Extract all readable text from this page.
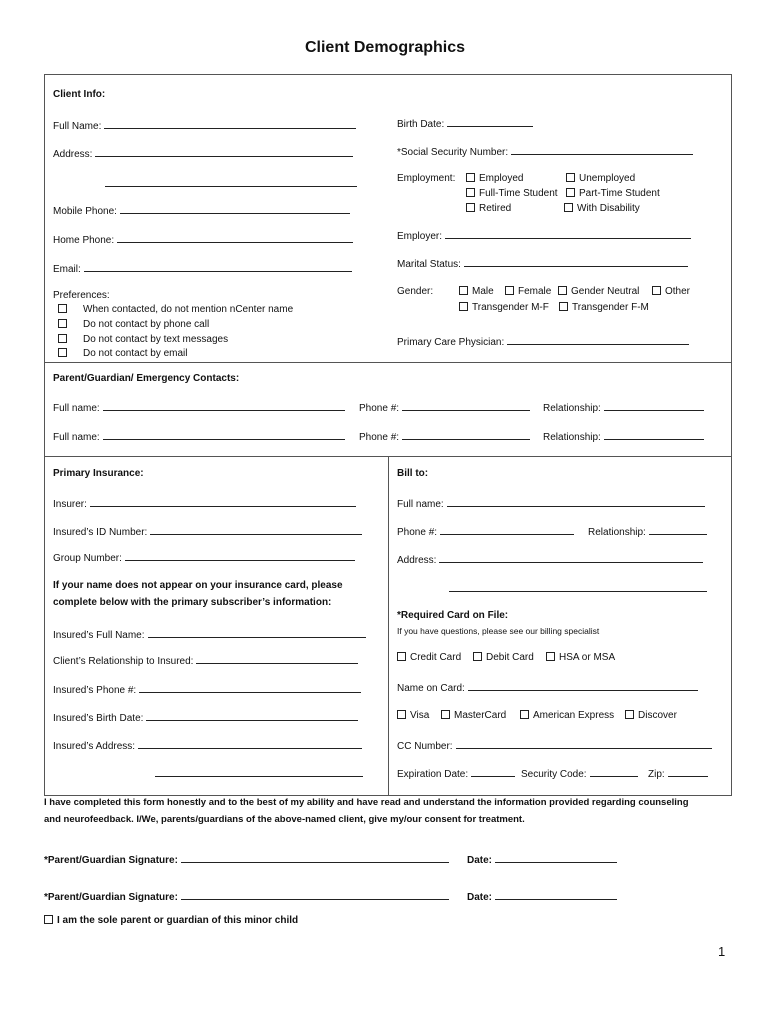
Client Demographics
Client Info:
Full Name:
Address:
Mobile Phone:
Home Phone:
Email:
Preferences:
When contacted, do not mention nCenter name
Do not contact by phone call
Do not contact by text messages
Do not contact by email
Birth Date:
*Social Security Number:
Employment:	Employed	Unemployed
Full-Time Student	Part-Time Student
Retired	With Disability
Employer:
Marital Status:
Gender:	Male	Female	Gender Neutral	Other
Transgender M-F	Transgender F-M
Primary Care Physician:
Parent/Guardian/ Emergency Contacts:
Full name:	Phone #:	Relationship:
Full name:	Phone #:	Relationship:
Primary Insurance:
Insurer:
Insured’s ID Number:
Group Number:
If your name does not appear on your insurance card, please
complete below with the primary subscriber’s information:
Insured’s Full Name:
Client’s Relationship to Insured:
Insured’s Phone #:
Insured’s Birth Date:
Insured’s Address:
Bill to:
Full name:
Phone #:	Relationship:
Address:
*Required Card on File:
If you have questions, please see our billing specialist
Credit Card	Debit Card	HSA or MSA
Name on Card:
Visa	MasterCard	American Express	Discover
CC Number:
Expiration Date:	Security Code:	Zip:
I have completed this form honestly and to the best of my ability and have read and understand the information provided regarding counseling
and neurofeedback. I/We, parents/guardians of the above-named client, give my/our consent for treatment.
*Parent/Guardian Signature:	Date:
*Parent/Guardian Signature:	Date:
I am the sole parent or guardian of this minor child
1
